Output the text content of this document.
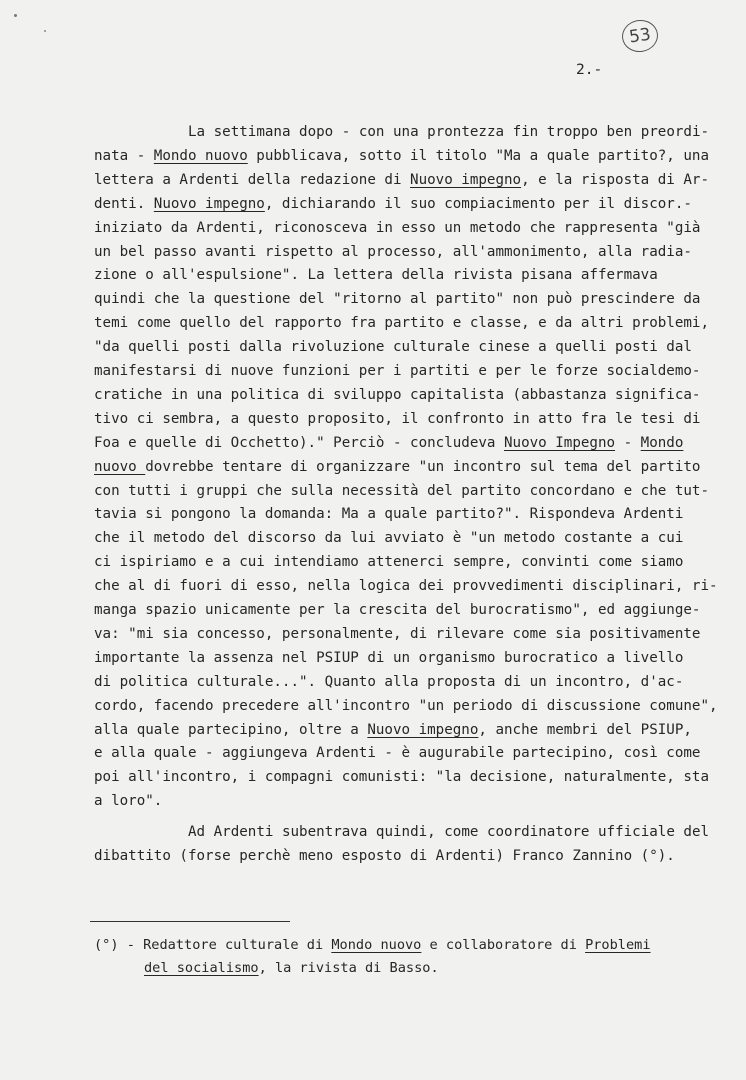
53
2.-
La settimana dopo - con una prontezza fin troppo ben preordi-
nata - Mondo nuovo pubblicava, sotto il titolo "Ma a quale partito?, una
lettera a Ardenti della redazione di Nuovo impegno, e la risposta di Ar-
denti. Nuovo impegno, dichiarando il suo compiacimento per il discor.-
iniziato da Ardenti, riconosceva in esso un metodo che rappresenta "già
un bel passo avanti rispetto al processo, all'ammonimento, alla radia-
zione o all'espulsione". La lettera della rivista pisana affermava
quindi che la questione del "ritorno al partito" non può prescindere da
temi come quello del rapporto fra partito e classe, e da altri problemi,
"da quelli posti dalla rivoluzione culturale cinese a quelli posti dal
manifestarsi di nuove funzioni per i partiti e per le forze socialdemo-
cratiche in una politica di sviluppo capitalista (abbastanza significa-
tivo ci sembra, a questo proposito, il confronto in atto fra le tesi di
Foa e quelle di Occhetto)." Perciò - concludeva Nuovo Impegno - Mondo
nuovo dovrebbe tentare di organizzare "un incontro sul tema del partito
con tutti i gruppi che sulla necessità del partito concordano e che tut-
tavia si pongono la domanda: Ma a quale partito?". Rispondeva Ardenti
che il metodo del discorso da lui avviato è "un metodo costante a cui
ci ispiriamo e a cui intendiamo attenerci sempre, convinti come siamo
che al di fuori di esso, nella logica dei provvedimenti disciplinari, ri-
manga spazio unicamente per la crescita del burocratismo", ed aggiunge-
va: "mi sia concesso, personalmente, di rilevare come sia positivamente
importante la assenza nel PSIUP di un organismo burocratico a livello
di politica culturale...". Quanto alla proposta di un incontro, d'ac-
cordo, facendo precedere all'incontro "un periodo di discussione comune",
alla quale partecipino, oltre a Nuovo impegno, anche membri del PSIUP,
e alla quale - aggiungeva Ardenti - è augurabile partecipino, così come
poi all'incontro, i compagni comunisti: "la decisione, naturalmente, sta
a loro".
Ad Ardenti subentrava quindi, come coordinatore ufficiale del
dibattito (forse perchè meno esposto di Ardenti) Franco Zannino (°).
(°) - Redattore culturale di Mondo nuovo e collaboratore di Problemi
del socialismo, la rivista di Basso.
